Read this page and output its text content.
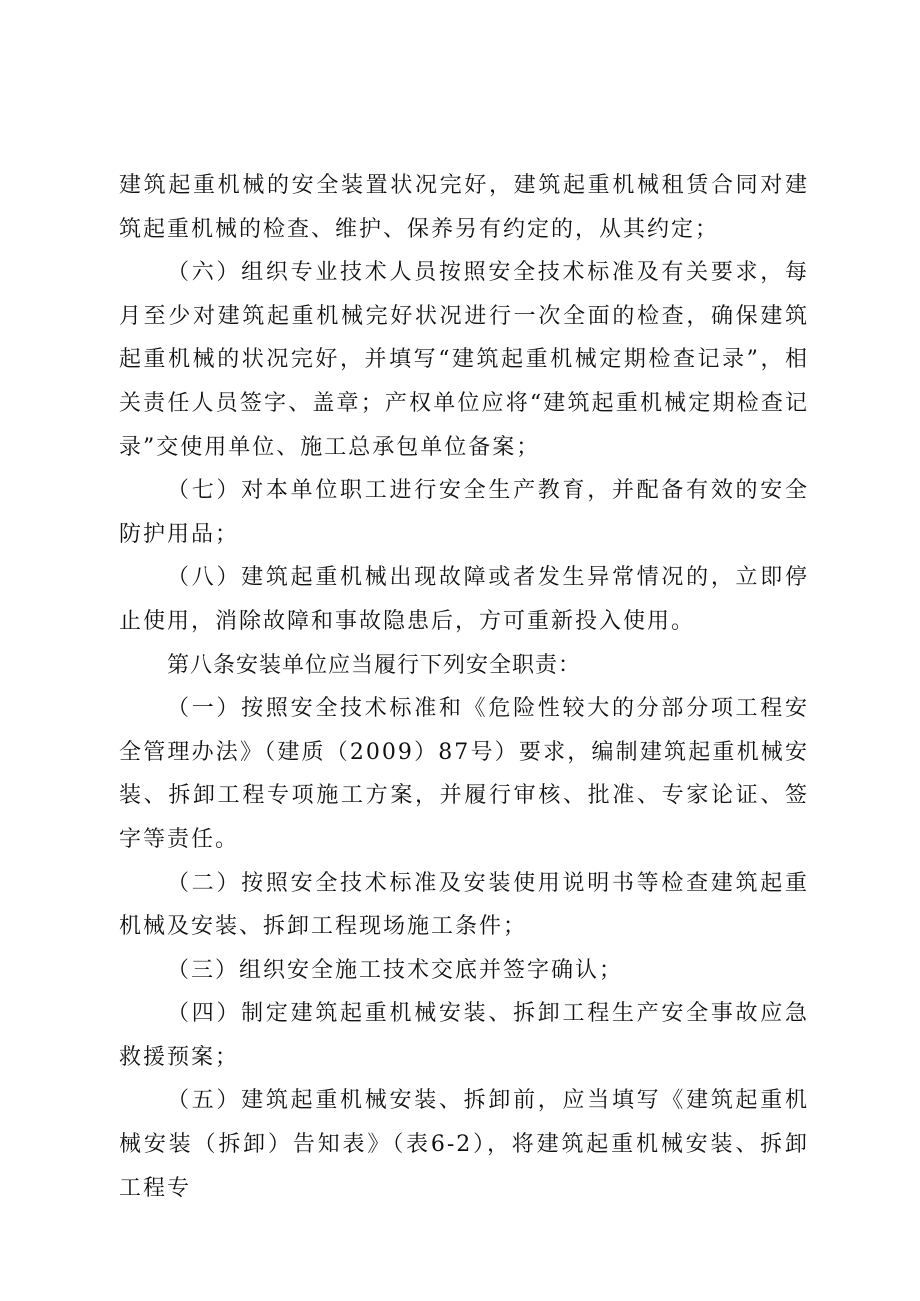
建筑起重机械的安全装置状况完好，建筑起重机械租赁合同对建筑起重机械的检查、维护、保养另有约定的，从其约定；

（六）组织专业技术人员按照安全技术标准及有关要求，每月至少对建筑起重机械完好状况进行一次全面的检查，确保建筑起重机械的状况完好，并填写“建筑起重机械定期检查记录”，相关责任人员签字、盖章；产权单位应将“建筑起重机械定期检查记录”交使用单位、施工总承包单位备案；

（七）对本单位职工进行安全生产教育，并配备有效的安全防护用品；

（八）建筑起重机械出现故障或者发生异常情况的，立即停止使用，消除故障和事故隐患后，方可重新投入使用。

第八条安装单位应当履行下列安全职责：

（一）按照安全技术标准和《危险性较大的分部分项工程安全管理办法》（建质（2009）87号）要求，编制建筑起重机械安装、拆卸工程专项施工方案，并履行审核、批准、专家论证、签字等责任。

（二）按照安全技术标准及安装使用说明书等检查建筑起重机械及安装、拆卸工程现场施工条件；

（三）组织安全施工技术交底并签字确认；

（四）制定建筑起重机械安装、拆卸工程生产安全事故应急救援预案；

（五）建筑起重机械安装、拆卸前，应当填写《建筑起重机械安装（拆卸）告知表》（表6-2），将建筑起重机械安装、拆卸工程专
